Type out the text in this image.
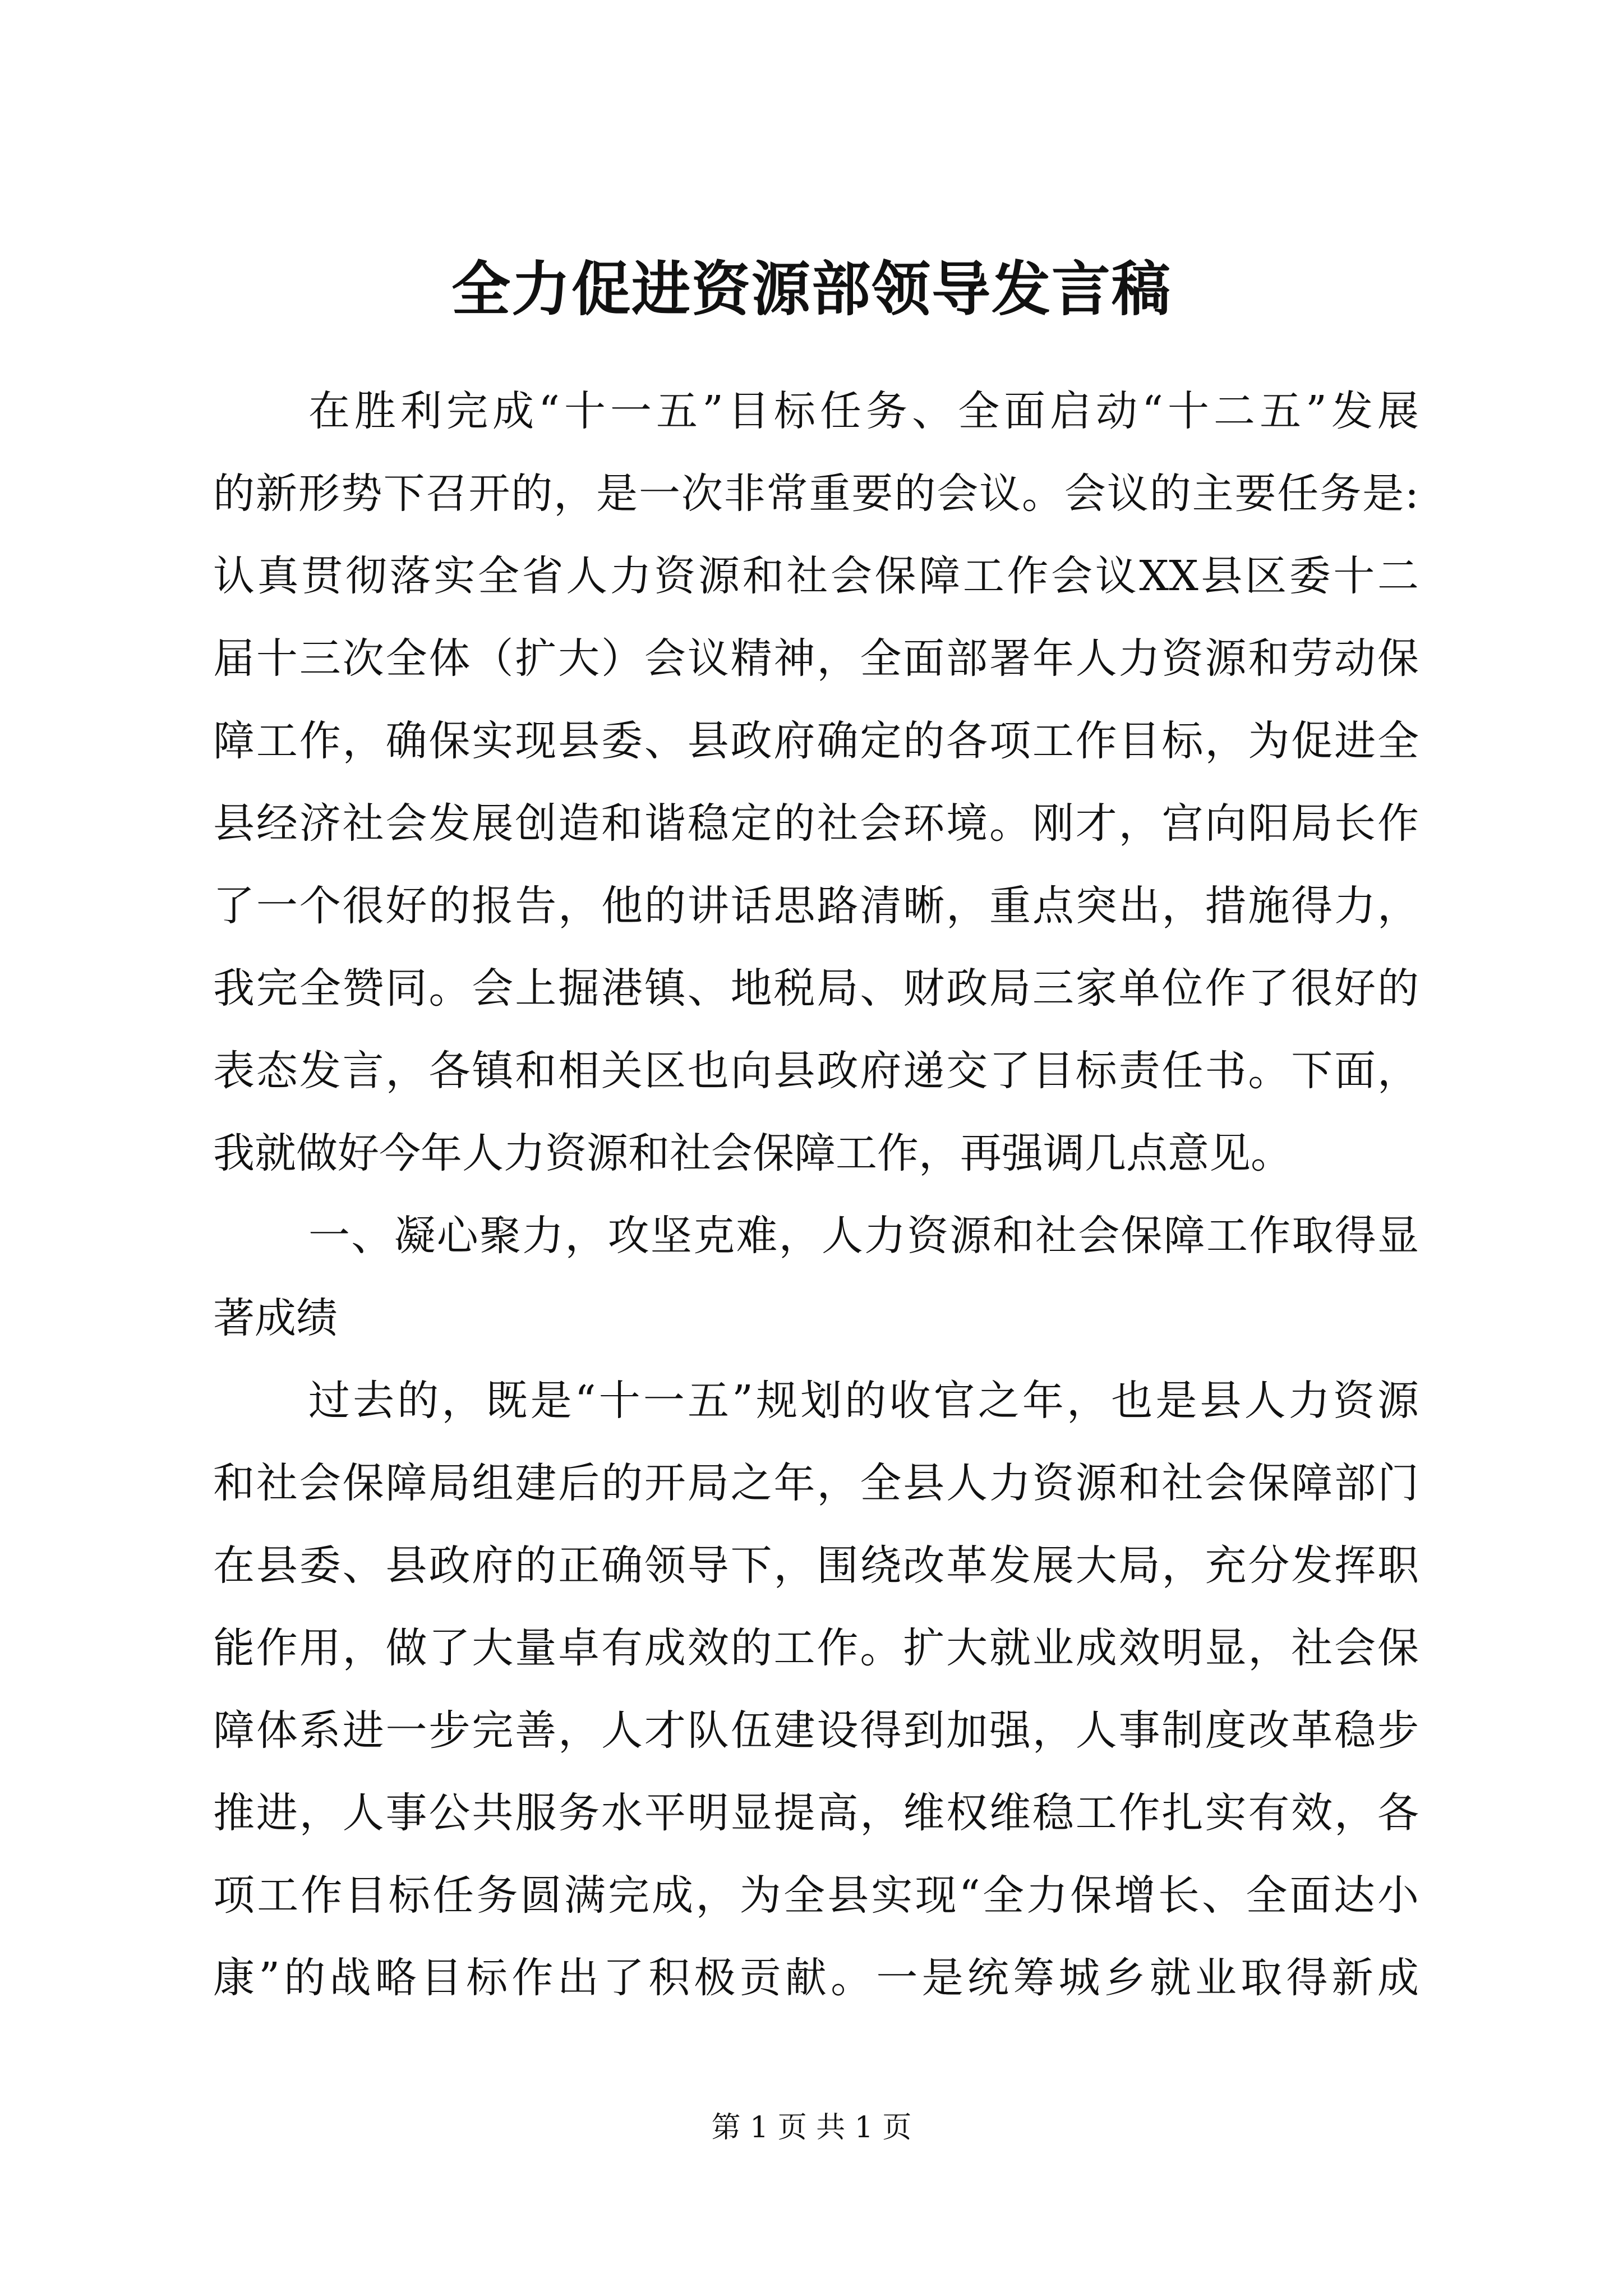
全力促进资源部领导发言稿
在胜利完成“十一五”目标任务、全面启动“十二五”发展
的新形势下召开的，是一次非常重要的会议。会议的主要任务是:
认真贯彻落实全省人力资源和社会保障工作会议XX县区委十二
届十三次全体（扩大）会议精神，全面部署年人力资源和劳动保
障工作，确保实现县委、县政府确定的各项工作目标，为促进全
县经济社会发展创造和谐稳定的社会环境。刚才，宫向阳局长作
了一个很好的报告，他的讲话思路清晰，重点突出，措施得力，
我完全赞同。会上掘港镇、地税局、财政局三家单位作了很好的
表态发言，各镇和相关区也向县政府递交了目标责任书。下面，
我就做好今年人力资源和社会保障工作，再强调几点意见。
一、凝心聚力，攻坚克难，人力资源和社会保障工作取得显
著成绩
过去的，既是“十一五”规划的收官之年，也是县人力资源
和社会保障局组建后的开局之年，全县人力资源和社会保障部门
在县委、县政府的正确领导下，围绕改革发展大局，充分发挥职
能作用，做了大量卓有成效的工作。扩大就业成效明显，社会保
障体系进一步完善，人才队伍建设得到加强，人事制度改革稳步
推进，人事公共服务水平明显提高，维权维稳工作扎实有效，各
项工作目标任务圆满完成，为全县实现“全力保增长、全面达小
康”的战略目标作出了积极贡献。一是统筹城乡就业取得新成
第 1 页 共 1 页
